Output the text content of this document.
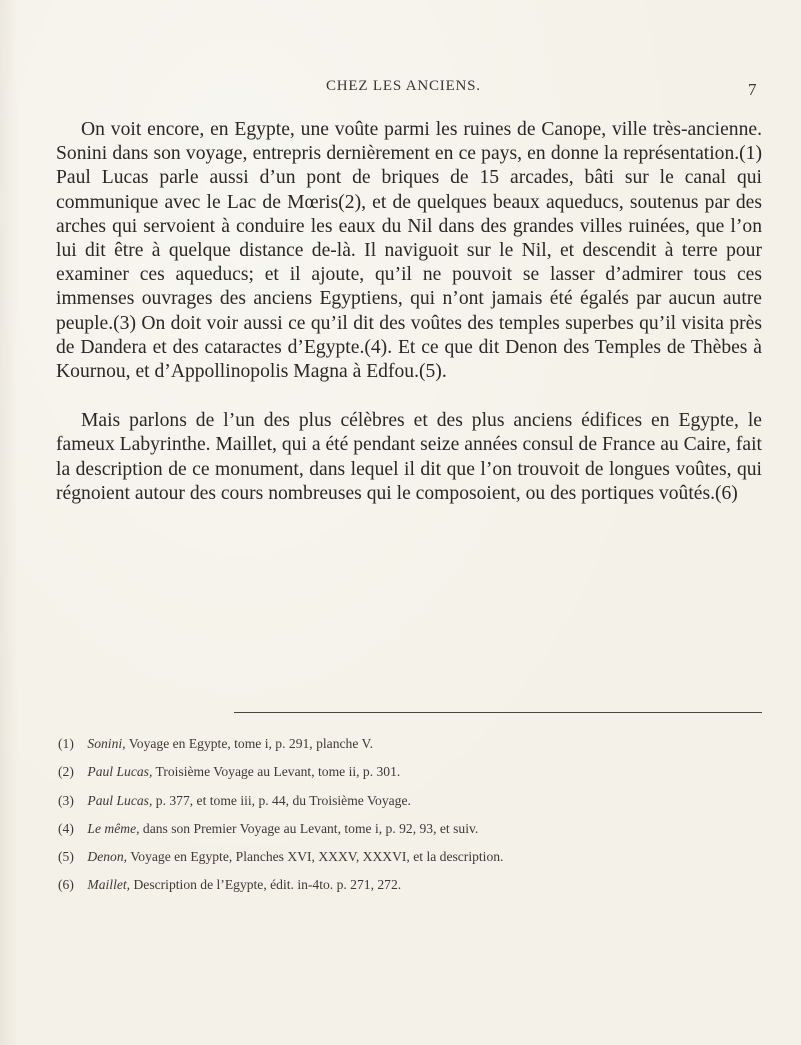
CHEZ LES ANCIENS.	7

On voit encore, en Egypte, une voûte parmi les ruines de Canope, ville très-ancienne. Sonini dans son voyage, entrepris dernièrement en ce pays, en donne la représentation.(1) Paul Lucas parle aussi d’un pont de briques de 15 arcades, bâti sur le canal qui communique avec le Lac de Mœris(2), et de quelques beaux aqueducs, soutenus par des arches qui servoient à conduire les eaux du Nil dans des grandes villes ruinées, que l’on lui dit être à quelque distance de-là. Il naviguoit sur le Nil, et descendit à terre pour examiner ces aqueducs; et il ajoute, qu’il ne pouvoit se lasser d’admirer tous ces immenses ouvrages des anciens Egyptiens, qui n’ont jamais été égalés par aucun autre peuple.(3) On doit voir aussi ce qu’il dit des voûtes des temples superbes qu’il visita près de Dandera et des cataractes d’Egypte.(4). Et ce que dit Denon des Temples de Thèbes à Kournou, et d’Appollinopolis Magna à Edfou.(5).

Mais parlons de l’un des plus célèbres et des plus anciens édifices en Egypte, le fameux Labyrinthe. Maillet, qui a été pendant seize années consul de France au Caire, fait la description de ce monument, dans lequel il dit que l’on trouvoit de longues voûtes, qui régnoient autour des cours nombreuses qui le composoient, ou des portiques voûtés.(6)

(1) Sonini, Voyage en Egypte, tome i, p. 291, planche V.
(2) Paul Lucas, Troisième Voyage au Levant, tome ii, p. 301.
(3) Paul Lucas, p. 377, et tome iii, p. 44, du Troisième Voyage.
(4) Le même, dans son Premier Voyage au Levant, tome i, p. 92, 93, et suiv.
(5) Denon, Voyage en Egypte, Planches XVI, XXXV, XXXVI, et la description.
(6) Maillet, Description de l’Egypte, édit. in-4to. p. 271, 272.
